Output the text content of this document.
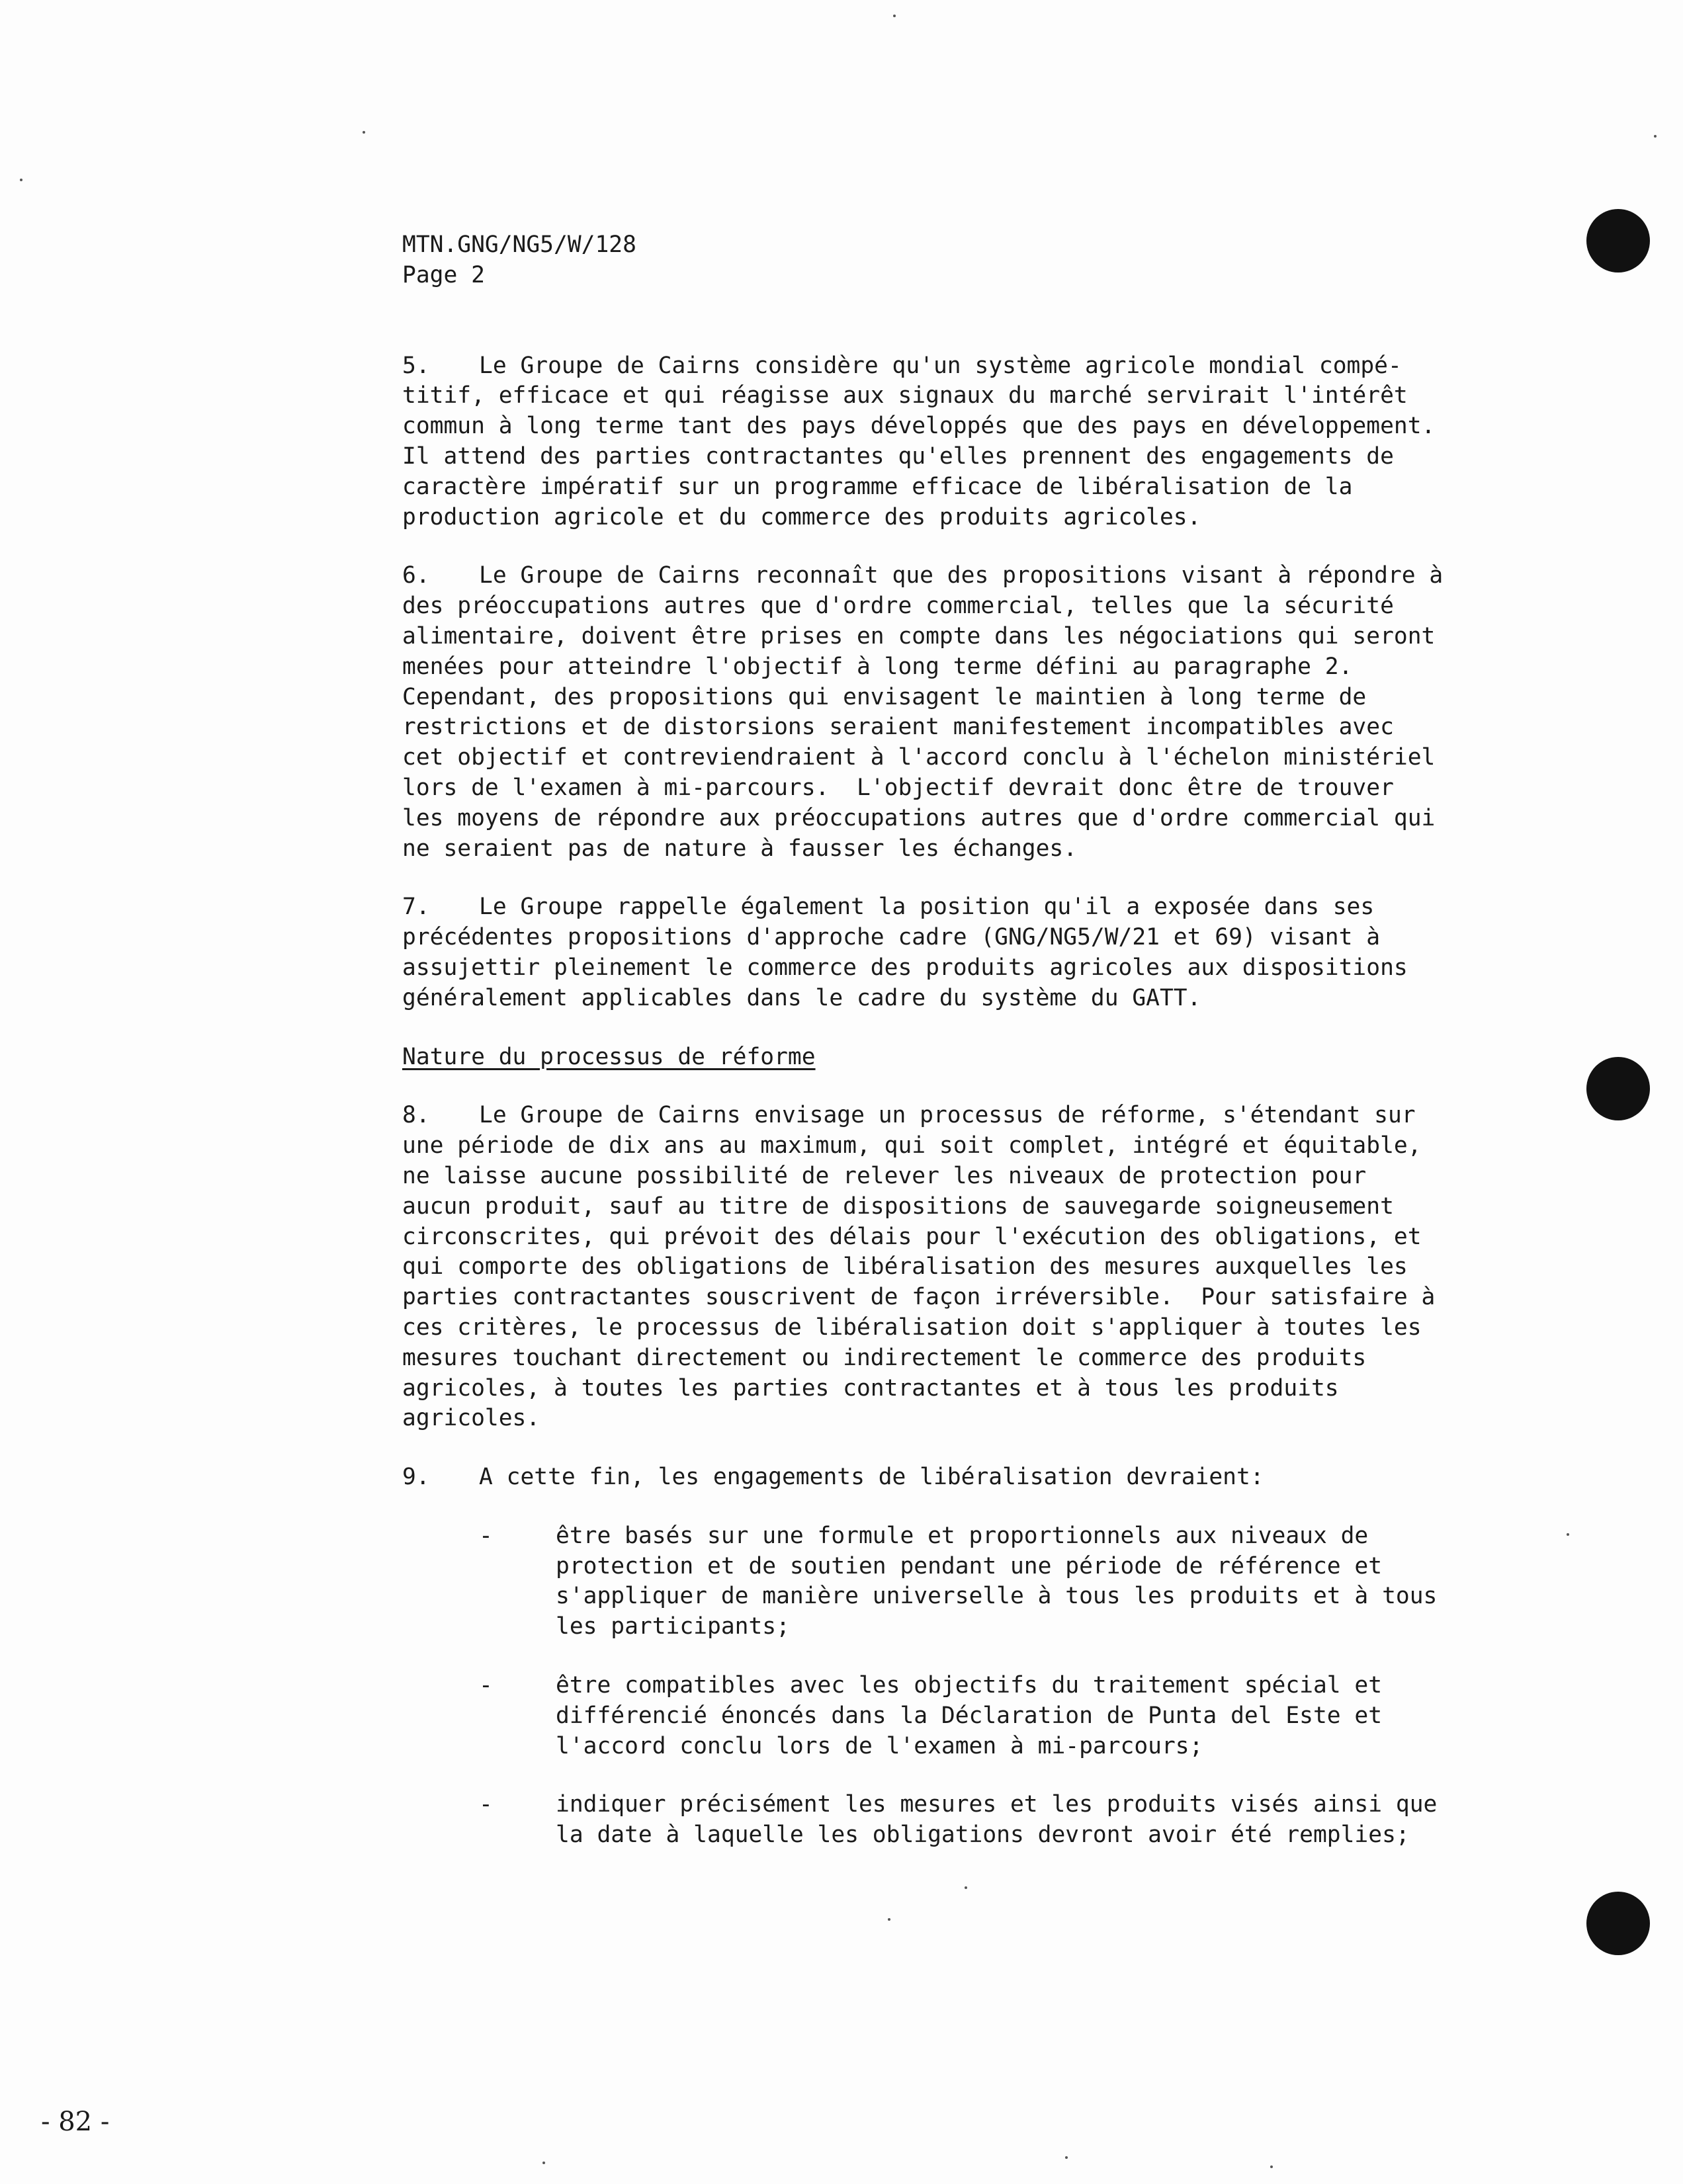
MTN.GNG/NG5/W/128
Page 2
5. Le Groupe de Cairns considère qu'un système agricole mondial compé-
titif, efficace et qui réagisse aux signaux du marché servirait l'intérêt
commun à long terme tant des pays développés que des pays en développement.
Il attend des parties contractantes qu'elles prennent des engagements de
caractère impératif sur un programme efficace de libéralisation de la
production agricole et du commerce des produits agricoles.
6. Le Groupe de Cairns reconnaît que des propositions visant à répondre à
des préoccupations autres que d'ordre commercial, telles que la sécurité
alimentaire, doivent être prises en compte dans les négociations qui seront
menées pour atteindre l'objectif à long terme défini au paragraphe 2.
Cependant, des propositions qui envisagent le maintien à long terme de
restrictions et de distorsions seraient manifestement incompatibles avec
cet objectif et contreviendraient à l'accord conclu à l'échelon ministériel
lors de l'examen à mi-parcours.  L'objectif devrait donc être de trouver
les moyens de répondre aux préoccupations autres que d'ordre commercial qui
ne seraient pas de nature à fausser les échanges.
7. Le Groupe rappelle également la position qu'il a exposée dans ses
précédentes propositions d'approche cadre (GNG/NG5/W/21 et 69) visant à
assujettir pleinement le commerce des produits agricoles aux dispositions
généralement applicables dans le cadre du système du GATT.
Nature du processus de réforme
8. Le Groupe de Cairns envisage un processus de réforme, s'étendant sur
une période de dix ans au maximum, qui soit complet, intégré et équitable,
ne laisse aucune possibilité de relever les niveaux de protection pour
aucun produit, sauf au titre de dispositions de sauvegarde soigneusement
circonscrites, qui prévoit des délais pour l'exécution des obligations, et
qui comporte des obligations de libéralisation des mesures auxquelles les
parties contractantes souscrivent de façon irréversible.  Pour satisfaire à
ces critères, le processus de libéralisation doit s'appliquer à toutes les
mesures touchant directement ou indirectement le commerce des produits
agricoles, à toutes les parties contractantes et à tous les produits
agricoles.
9. A cette fin, les engagements de libéralisation devraient:
-	être basés sur une formule et proportionnels aux niveaux de
protection et de soutien pendant une période de référence et
s'appliquer de manière universelle à tous les produits et à tous
les participants;
-	être compatibles avec les objectifs du traitement spécial et
différencié énoncés dans la Déclaration de Punta del Este et
l'accord conclu lors de l'examen à mi-parcours;
-	indiquer précisément les mesures et les produits visés ainsi que
la date à laquelle les obligations devront avoir été remplies;
- 82 -
